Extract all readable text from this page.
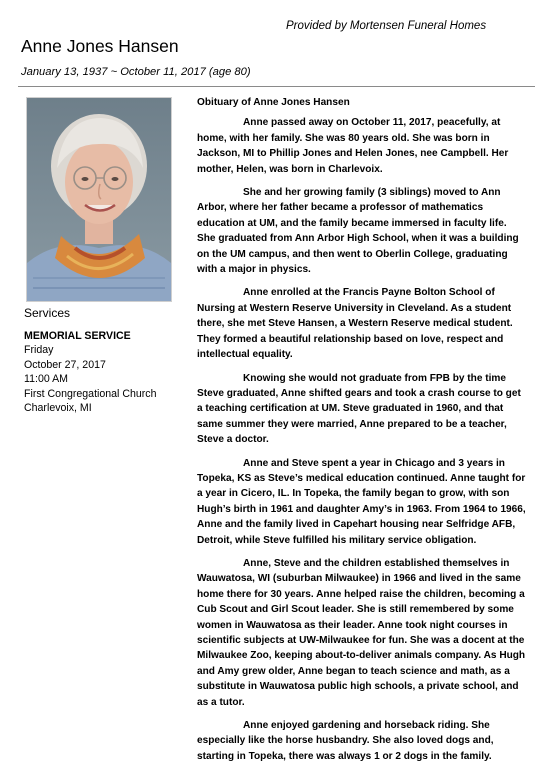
Provided by Mortensen Funeral Homes
Anne Jones Hansen
January 13, 1937 ~ October 11, 2017 (age 80)
Services
MEMORIAL SERVICE
Friday
October 27, 2017
11:00 AM
First Congregational Church
Charlevoix, MI
Obituary of Anne Jones Hansen

Anne passed away on October 11, 2017, peacefully, at home, with her family. She was 80 years old. She was born in Jackson, MI to Phillip Jones and Helen Jones, nee Campbell. Her mother, Helen, was born in Charlevoix.

She and her growing family (3 siblings) moved to Ann Arbor, where her father became a professor of mathematics education at UM, and the family became immersed in faculty life. She graduated from Ann Arbor High School, when it was a building on the UM campus, and then went to Oberlin College, graduating with a major in physics.

Anne enrolled at the Francis Payne Bolton School of Nursing at Western Reserve University in Cleveland. As a student there, she met Steve Hansen, a Western Reserve medical student. They formed a beautiful relationship based on love, respect and intellectual equality.

Knowing she would not graduate from FPB by the time Steve graduated, Anne shifted gears and took a crash course to get a teaching certification at UM. Steve graduated in 1960, and that same summer they were married, Anne prepared to be a teacher, Steve a doctor.

Anne and Steve spent a year in Chicago and 3 years in Topeka, KS as Steve’s medical education continued. Anne taught for a year in Cicero, IL. In Topeka, the family began to grow, with son Hugh’s birth in 1961 and daughter Amy’s in 1963. From 1964 to 1966, Anne and the family lived in Capehart housing near Selfridge AFB, Detroit, while Steve fulfilled his military service obligation.

Anne, Steve and the children established themselves in Wauwatosa, WI (suburban Milwaukee) in 1966 and lived in the same home there for 30 years. Anne helped raise the children, becoming a Cub Scout and Girl Scout leader. She is still remembered by some women in Wauwatosa as their leader. Anne took night courses in scientific subjects at UW-Milwaukee for fun. She was a docent at the Milwaukee Zoo, keeping about-to-deliver animals company. As Hugh and Amy grew older, Anne began to teach science and math, as a substitute in Wauwatosa public high schools, a private school, and as a tutor.

Anne enjoyed gardening and horseback riding. She especially like the horse husbandry. She also loved dogs and, starting in Topeka, there was always 1 or 2 dogs in the family.
